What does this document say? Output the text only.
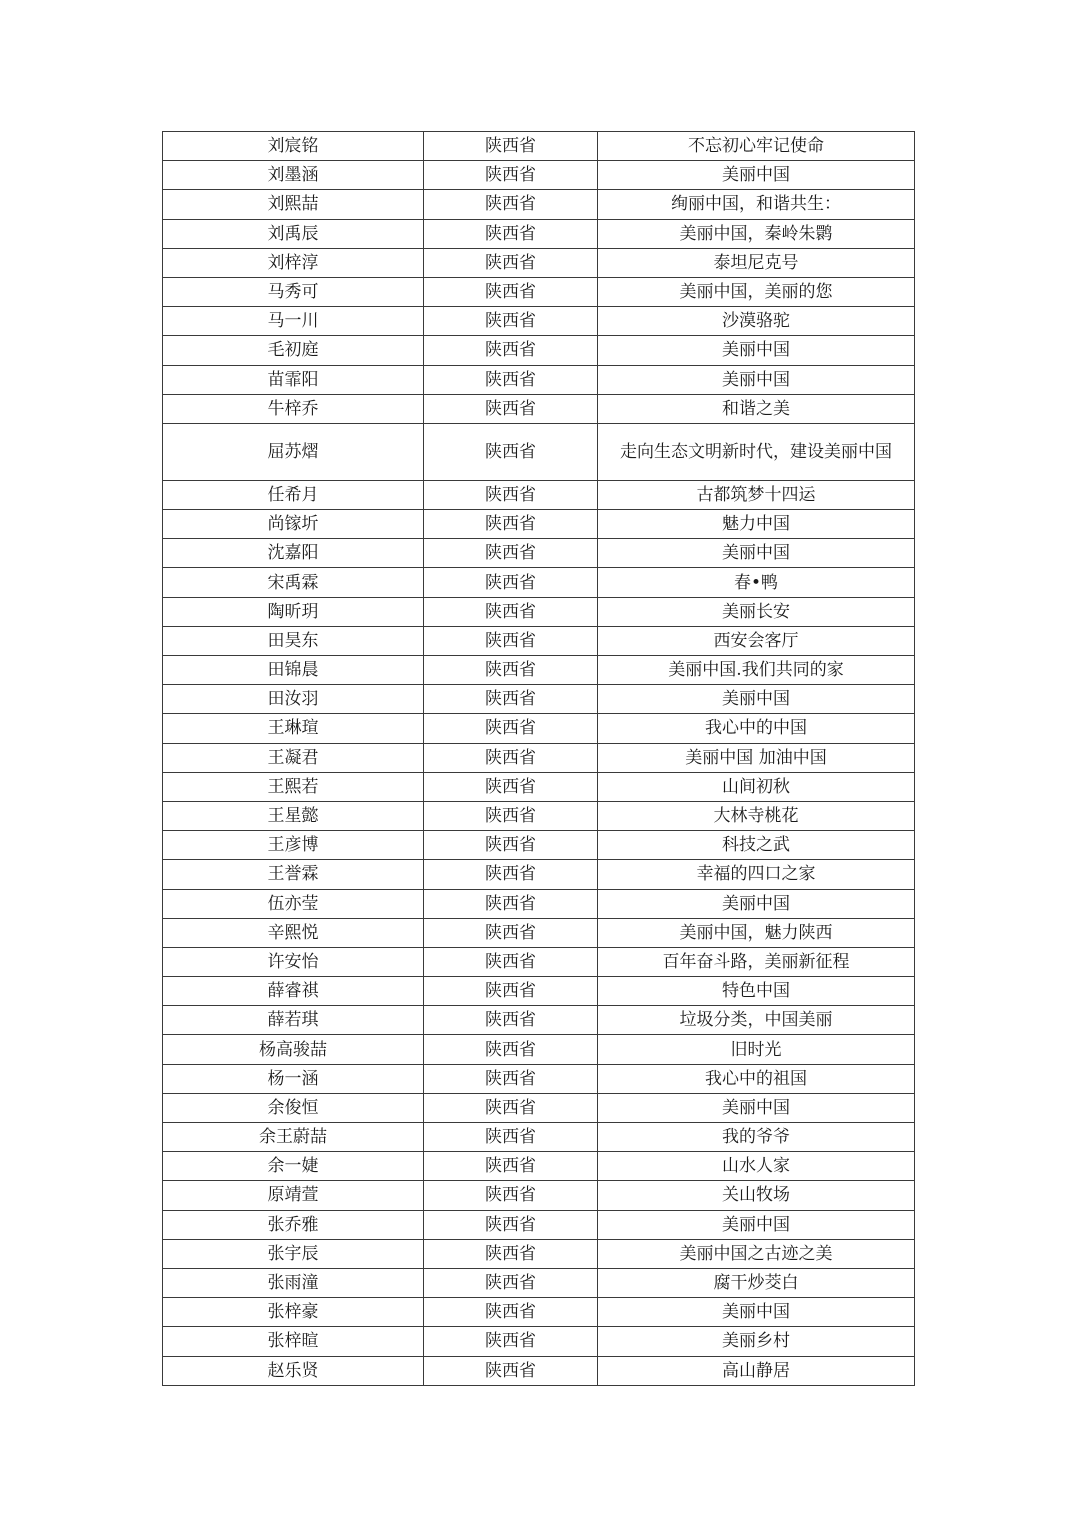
刘宸铭	陕西省	不忘初心牢记使命
刘墨涵	陕西省	美丽中国
刘熙喆	陕西省	绚丽中国，和谐共生：
刘禹辰	陕西省	美丽中国，秦岭朱鹮
刘梓淳	陕西省	泰坦尼克号
马秀可	陕西省	美丽中国，美丽的您
马一川	陕西省	沙漠骆驼
毛初庭	陕西省	美丽中国
苗霏阳	陕西省	美丽中国
牛梓乔	陕西省	和谐之美
屈苏熠	陕西省	走向生态文明新时代，建设美丽中国
任希月	陕西省	古都筑梦十四运
尚镓圻	陕西省	魅力中国
沈嘉阳	陕西省	美丽中国
宋禹霖	陕西省	春•鸭
陶昕玥	陕西省	美丽长安
田昊东	陕西省	西安会客厅
田锦晨	陕西省	美丽中国.我们共同的家
田汝羽	陕西省	美丽中国
王琳瑄	陕西省	我心中的中国
王凝君	陕西省	美丽中国 加油中国
王熙若	陕西省	山间初秋
王星懿	陕西省	大林寺桃花
王彦博	陕西省	科技之武
王誉霖	陕西省	幸福的四口之家
伍亦莹	陕西省	美丽中国
辛熙悦	陕西省	美丽中国，魅力陕西
许安怡	陕西省	百年奋斗路，美丽新征程
薛睿祺	陕西省	特色中国
薛若琪	陕西省	垃圾分类，中国美丽
杨高骏喆	陕西省	旧时光
杨一涵	陕西省	我心中的祖国
余俊恒	陕西省	美丽中国
余王蔚喆	陕西省	我的爷爷
余一婕	陕西省	山水人家
原靖萱	陕西省	关山牧场
张乔雅	陕西省	美丽中国
张宇辰	陕西省	美丽中国之古迹之美
张雨潼	陕西省	腐干炒茭白
张梓豪	陕西省	美丽中国
张梓暄	陕西省	美丽乡村
赵乐贤	陕西省	高山静居
